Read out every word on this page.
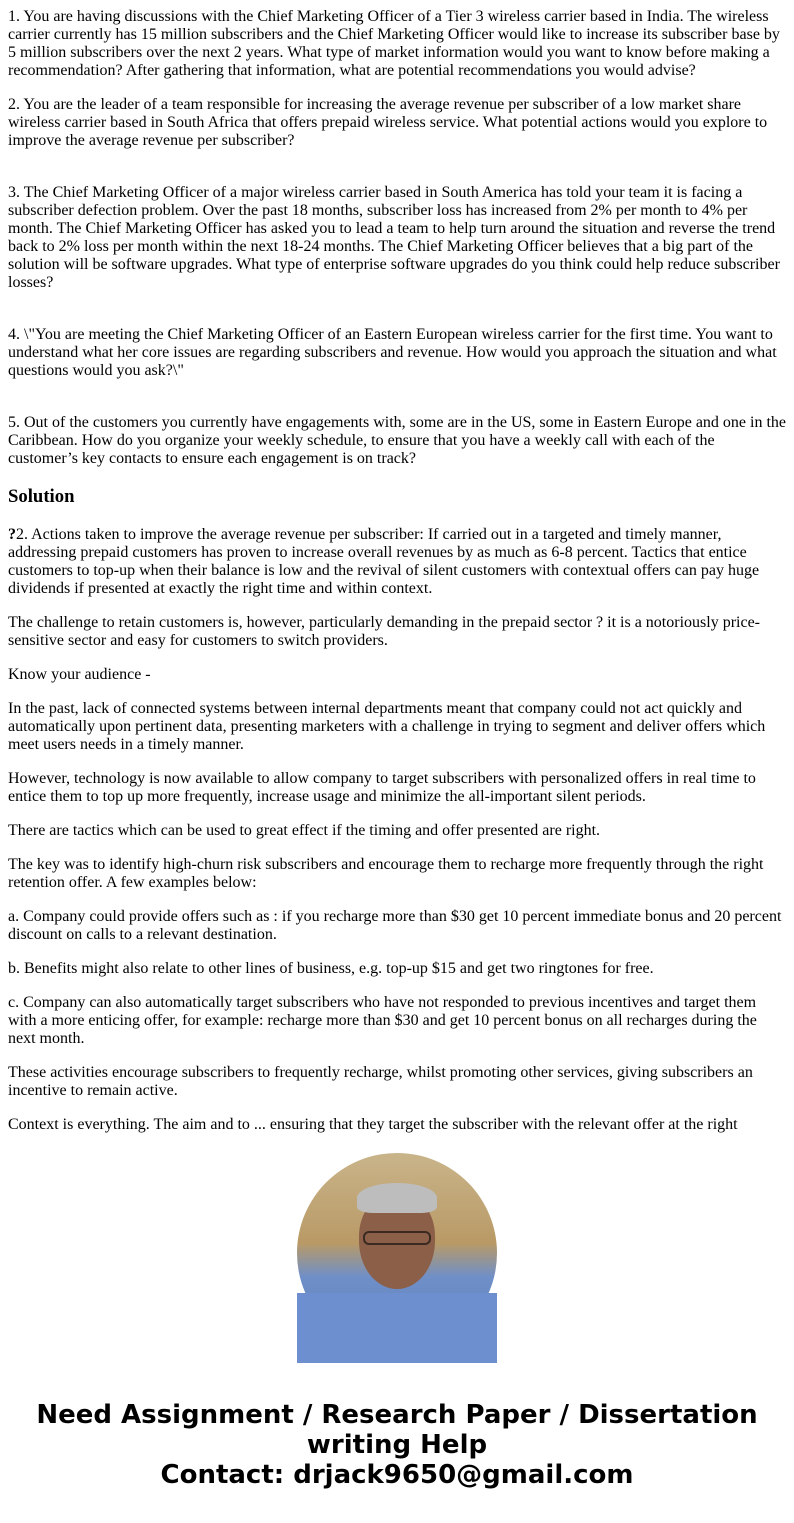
1. You are having discussions with the Chief Marketing Officer of a Tier 3 wireless carrier based in India. The wireless carrier currently has 15 million subscribers and the Chief Marketing Officer would like to increase its subscriber base by 5 million subscribers over the next 2 years. What type of market information would you want to know before making a recommendation? After gathering that information, what are potential recommendations you would advise?

2. You are the leader of a team responsible for increasing the average revenue per subscriber of a low market share wireless carrier based in South Africa that offers prepaid wireless service. What potential actions would you explore to improve the average revenue per subscriber?

3. The Chief Marketing Officer of a major wireless carrier based in South America has told your team it is facing a subscriber defection problem. Over the past 18 months, subscriber loss has increased from 2% per month to 4% per month. The Chief Marketing Officer has asked you to lead a team to help turn around the situation and reverse the trend back to 2% loss per month within the next 18-24 months. The Chief Marketing Officer believes that a big part of the solution will be software upgrades. What type of enterprise software upgrades do you think could help reduce subscriber losses?

4. \"You are meeting the Chief Marketing Officer of an Eastern European wireless carrier for the first time. You want to understand what her core issues are regarding subscribers and revenue. How would you approach the situation and what questions would you ask?\"

5. Out of the customers you currently have engagements with, some are in the US, some in Eastern Europe and one in the Caribbean. How do you organize your weekly schedule, to ensure that you have a weekly call with each of the customer’s key contacts to ensure each engagement is on track?

Solution

?2. Actions taken to improve the average revenue per subscriber: If carried out in a targeted and timely manner, addressing prepaid customers has proven to increase overall revenues by as much as 6-8 percent. Tactics that entice customers to top-up when their balance is low and the revival of silent customers with contextual offers can pay huge dividends if presented at exactly the right time and within context.

The challenge to retain customers is, however, particularly demanding in the prepaid sector ? it is a notoriously price-sensitive sector and easy for customers to switch providers.

Know your audience -

In the past, lack of connected systems between internal departments meant that company could not act quickly and automatically upon pertinent data, presenting marketers with a challenge in trying to segment and deliver offers which meet users needs in a timely manner.

However, technology is now available to allow company to target subscribers with personalized offers in real time to entice them to top up more frequently, increase usage and minimize the all-important silent periods.

There are tactics which can be used to great effect if the timing and offer presented are right.

The key was to identify high-churn risk subscribers and encourage them to recharge more frequently through the right retention offer. A few examples below:

a. Company could provide offers such as : if you recharge more than $30 get 10 percent immediate bonus and 20 percent discount on calls to a relevant destination.

b. Benefits might also relate to other lines of business, e.g. top-up $15 and get two ringtones for free.

c. Company can also automatically target subscribers who have not responded to previous incentives and target them with a more enticing offer, for example: recharge more than $30 and get 10 percent bonus on all recharges during the next month.

These activities encourage subscribers to frequently recharge, whilst promoting other services, giving subscribers an incentive to remain active.

Context is everything. The aim and to ... ensuring that they target the subscriber with the relevant offer at the right

Need Assignment / Research Paper / Dissertation
writing Help
Contact: drjack9650@gmail.com
